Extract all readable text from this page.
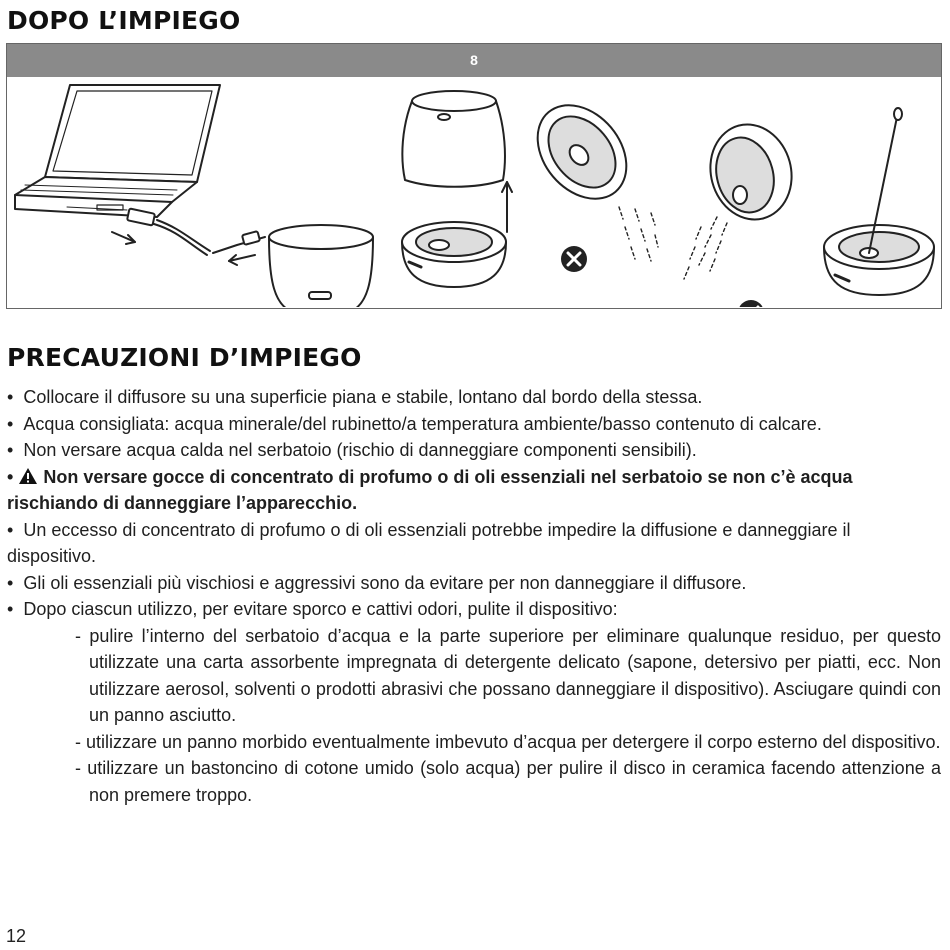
DOPO L’IMPIEGO
8
PRECAUZIONI D’IMPIEGO

• Collocare il diffusore su una superficie piana e stabile, lontano dal bordo della stessa.

• Acqua consigliata: acqua minerale/del rubinetto/a temperatura ambiente/basso contenuto di calcare.

• Non versare acqua calda nel serbatoio (rischio di danneggiare componenti sensibili).

• Non versare gocce di concentrato di profumo o di oli essenziali nel serbatoio se non c’è acqua rischiando di danneggiare l’apparecchio.

• Un eccesso di concentrato di profumo o di oli essenziali potrebbe impedire la diffusione e danneggiare il dispositivo.

• Gli oli essenziali più vischiosi e aggressivi sono da evitare per non danneggiare il diffusore.

• Dopo ciascun utilizzo, per evitare sporco e cattivi odori, pulite il dispositivo:

- pulire l’interno del serbatoio d’acqua e la parte superiore per eliminare qualunque residuo, per questo utilizzate una carta assorbente impregnata di detergente delicato (sapone, detersivo per piatti, ecc. Non utilizzare aerosol, solventi o prodotti abrasivi che possano danneggiare il dispositivo). Asciugare quindi con un panno asciutto.

- utilizzare un panno morbido eventualmente imbevuto d’acqua per detergere il corpo esterno del dispositivo.

- utilizzare un bastoncino di cotone umido (solo acqua) per pulire il disco in ceramica facendo attenzione a non premere troppo.

12
